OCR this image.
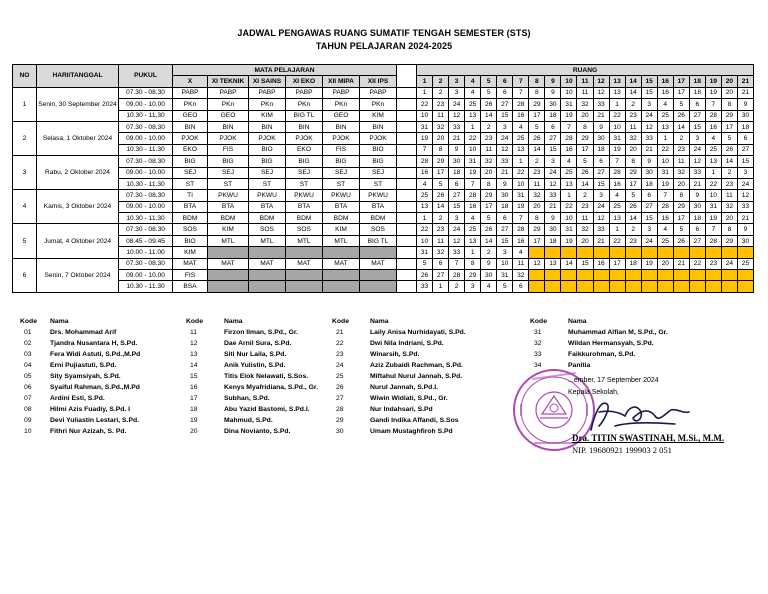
JADWAL PENGAWAS RUANG SUMATIF TENGAH SEMESTER (STS)
TAHUN PELAJARAN 2024-2025
NO	HARI/TANGGAL	PUKUL	MATA PELAJARAN							RUANG																				
			X	XI TEKNIK	XI SAINS	XI EKO	XII MIPA	XII IPS		1	2	3	4	5	6	7	8	9	10	11	12	13	14	15	16	17	18	19	20	21
1	Senin, 30 September 2024	07.30 - 08.30	PABP	PABP	PABP	PABP	PABP	PABP		1	2	3	4	5	6	7	8	9	10	11	12	13	14	15	16	17	18	19	20	21
		09.00 - 10.00	PKn	PKn	PKn	PKn	PKn	PKn		22	23	24	25	26	27	28	29	30	31	32	33	1	2	3	4	5	6	7	8	9
		10.30 - 11.30	GEO	GEO	KIM	BIG TL	GEO	KIM		10	11	12	13	14	15	16	17	18	19	20	21	22	23	24	25	26	27	28	29	30
2	Selasa, 1 Oktober 2024	07.30 - 08.30	BIN	BIN	BIN	BIN	BIN	BIN		31	32	33	1	2	3	4	5	6	7	8	9	10	11	12	13	14	15	16	17	18
		09.00 - 10.00	PJOK	PJOK	PJOK	PJOK	PJOK	PJOK		19	20	21	22	23	24	25	26	27	28	29	30	31	32	33	1	2	3	4	5	6
		10.30 - 11.30	EKO	FIS	BIO	EKO	FIS	BIO		7	8	9	10	11	12	13	14	15	16	17	18	19	20	21	22	23	24	25	26	27
3	Rabu, 2 Oktober 2024	07.30 - 08.30	BIG	BIG	BIG	BIG	BIG	BIG		28	29	30	31	32	33	1	2	3	4	5	6	7	8	9	10	11	12	13	14	15
		09.00 - 10.00	SEJ	SEJ	SEJ	SEJ	SEJ	SEJ		16	17	18	19	20	21	22	23	24	25	26	27	28	29	30	31	32	33	1	2	3
		10.30 - 11.30	ST	ST	ST	ST	ST	ST		4	5	6	7	8	9	10	11	12	13	14	15	16	17	18	19	20	21	22	23	24
4	Kamis, 3 Oktober 2024	07.30 - 08.30	TI	PKWU	PKWU	PKWU	PKWU	PKWU		25	26	27	28	29	30	31	32	33	1	2	3	4	5	6	7	8	9	10	11	12
		09.00 - 10.00	BTA	BTA	BTA	BTA	BTA	BTA		13	14	15	16	17	18	19	20	21	22	23	24	25	26	27	28	29	30	31	32	33
		10.30 - 11.30	BDM	BDM	BDM	BDM	BDM	BDM		1	2	3	4	5	6	7	8	9	10	11	12	13	14	15	16	17	18	19	20	21
5	Jumat, 4 Oktober 2024	07.30 - 08.30	SOS	KIM	SOS	SOS	KIM	SOS		22	23	24	25	26	27	28	29	30	31	32	33	1	2	3	4	5	6	7	8	9
		08.45 - 09.45	BIO	MTL	MTL	MTL	MTL	BIG TL		10	11	12	13	14	15	16	17	18	19	20	21	22	23	24	25	26	27	28	29	30
		10.00 - 11.00	KIM							31	32	33	1	2	3	4														
6	Senin, 7 Oktober 2024	07.30 - 08.30	MAT	MAT	MAT	MAT	MAT	MAT		5	6	7	8	9	10	11	12	13	14	15	16	17	18	19	20	21	22	23	24	25
		09.00 - 10.00	FIS							26	27	28	29	30	31	32														
		10.30 - 11.30	BSA							33	1	2	3	4	5	6														
Kode	Nama
01	Drs. Mohammad Arif
02	Tjandra Nusantara H, S.Pd.
03	Fera Widi Astuti, S.Pd.,M.Pd
04	Erni Pujiastuti, S.Pd.
05	Sity Syamsiyah, S.Pd.
06	Syaiful Rahman, S.Pd.,M.Pd
07	Ardini Esti, S.Pd.
08	Hilmi Azis Fuadiy, S.Pd. I
09	Devi Yuliastin Lestari, S.Pd.
10	Fithri Nur Azizah, S. Pd.
Kode	Nama
11	Firzon Ilman, S.Pd., Gr.
12	Dae Arnil Sura, S.Pd.
13	Siti Nur Laila, S.Pd.
14	Anik Yulistin, S.Pd.
15	Titis Elok Nelawati, S.Sos.
16	Kenys Myafridiana, S.Pd., Gr.
17	Subhan, S.Pd.
18	Abu Yazid Bastomi, S.Pd.I.
19	Mahmud, S.Pd.
20	Dina Novianto, S.Pd.
Kode	Nama
21	Laily Anisa Nurhidayati, S.Pd.
22	Dwi Nila Indriani, S.Pd.
23	Winarsih, S.Pd.
24	Aziz Zubaidi Rachman, S.Pd.
25	Miftahul Nurul Jannah, S.Pd.
26	Nurul Jannah, S.Pd.I.
27	Wiwin Widiati, S.Pd., Gr.
28	Nur Indahsari, S.Pd
29	Gandi Indika Affandi, S.Sos
30	Umam Mustaghfiroh S.Pd
Kode	Nama
31	Muhammad Alfian M, S.Pd., Gr.
32	Wildan Hermansyah, S.Pd.
33	Faikkurohman, S.Pd.
34	Panitia
...ember, 17 September 2024
Kepala Sekolah,
Dra. TITIN SWASTINAH, M.Si., M.M.
NIP. 19680921 199903 2 051
